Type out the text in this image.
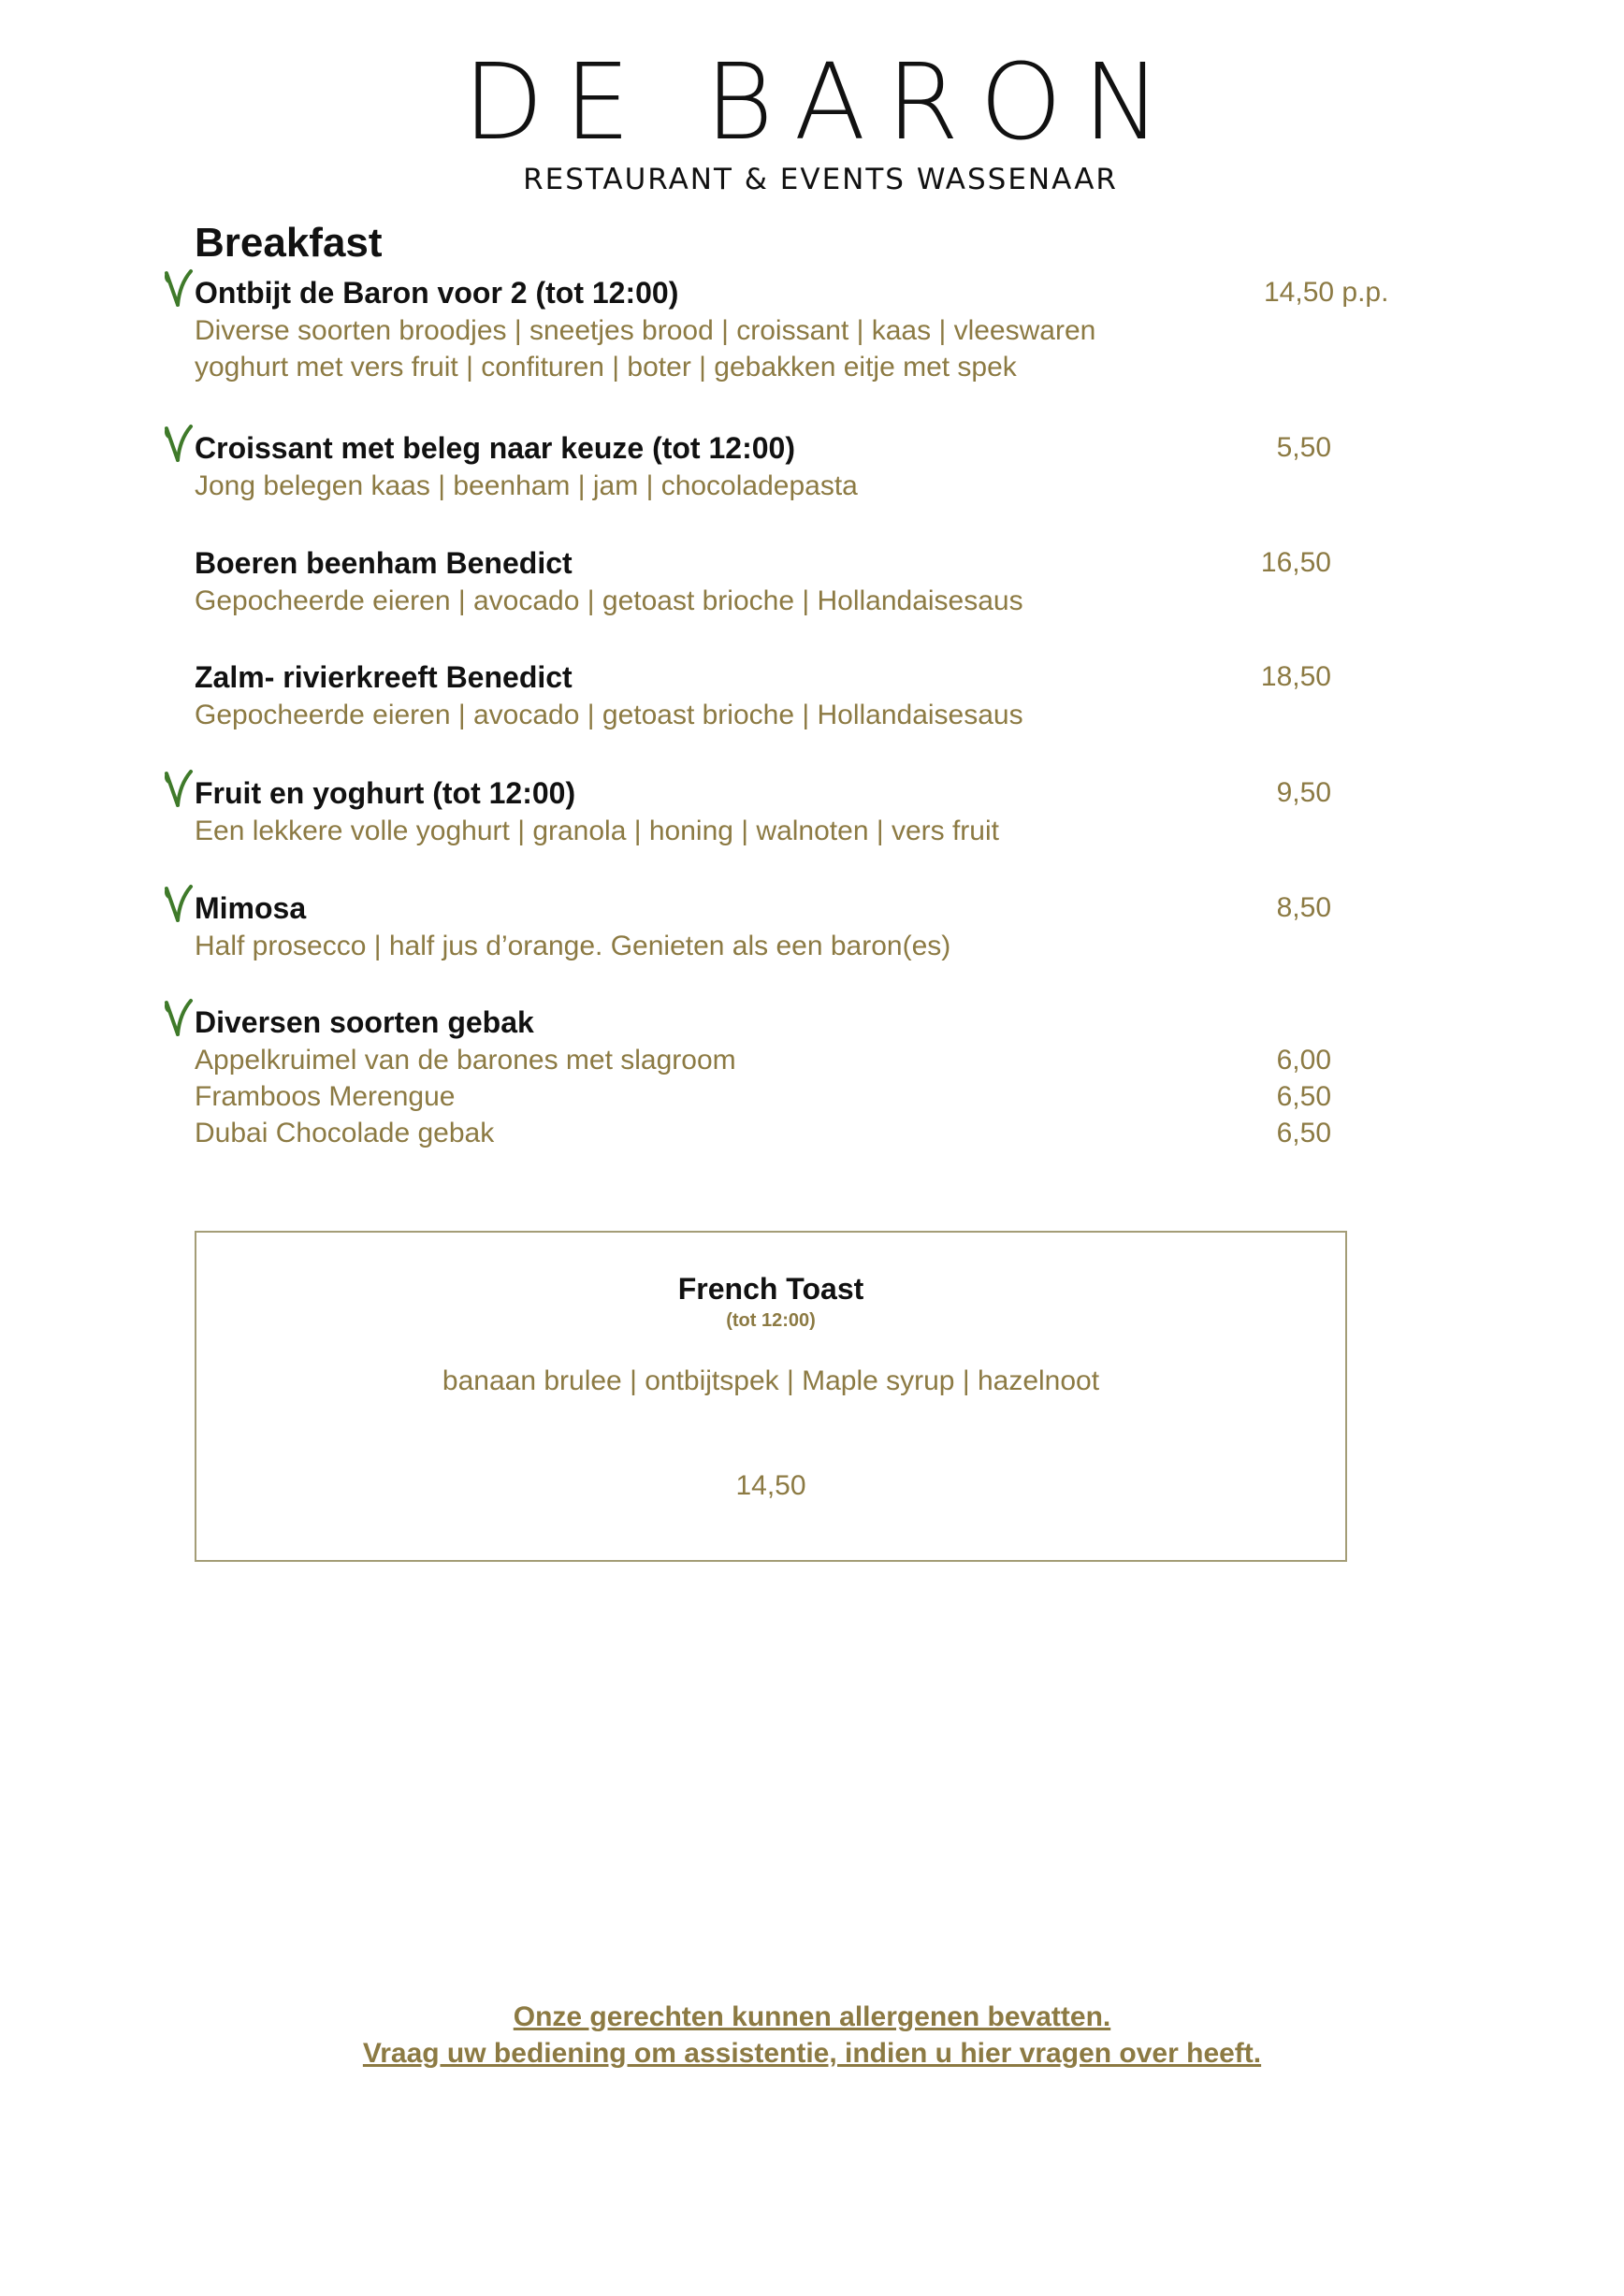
DE BARON
RESTAURANT & EVENTS WASSENAAR
Breakfast
Ontbijt de Baron voor 2 (tot 12:00)	14,50 p.p.
Diverse soorten broodjes | sneetjes brood | croissant | kaas | vleeswaren
yoghurt met vers fruit | confituren | boter | gebakken eitje met spek
Croissant met beleg naar keuze (tot 12:00)	5,50
Jong belegen kaas | beenham | jam | chocoladepasta
Boeren beenham Benedict	16,50
Gepocheerde eieren | avocado | getoast brioche | Hollandaisesaus
Zalm- rivierkreeft Benedict	18,50
Gepocheerde eieren | avocado | getoast brioche | Hollandaisesaus
Fruit en yoghurt (tot 12:00)	9,50
Een lekkere volle yoghurt | granola | honing | walnoten | vers fruit
Mimosa	8,50
Half prosecco | half jus d’orange. Genieten als een baron(es)
Diversen soorten gebak
Appelkruimel van de barones met slagroom	6,00
Framboos Merengue	6,50
Dubai Chocolade gebak	6,50
French Toast
(tot 12:00)
banaan brulee | ontbijtspek | Maple syrup | hazelnoot
14,50
Onze gerechten kunnen allergenen bevatten.
Vraag uw bediening om assistentie, indien u hier vragen over heeft.
